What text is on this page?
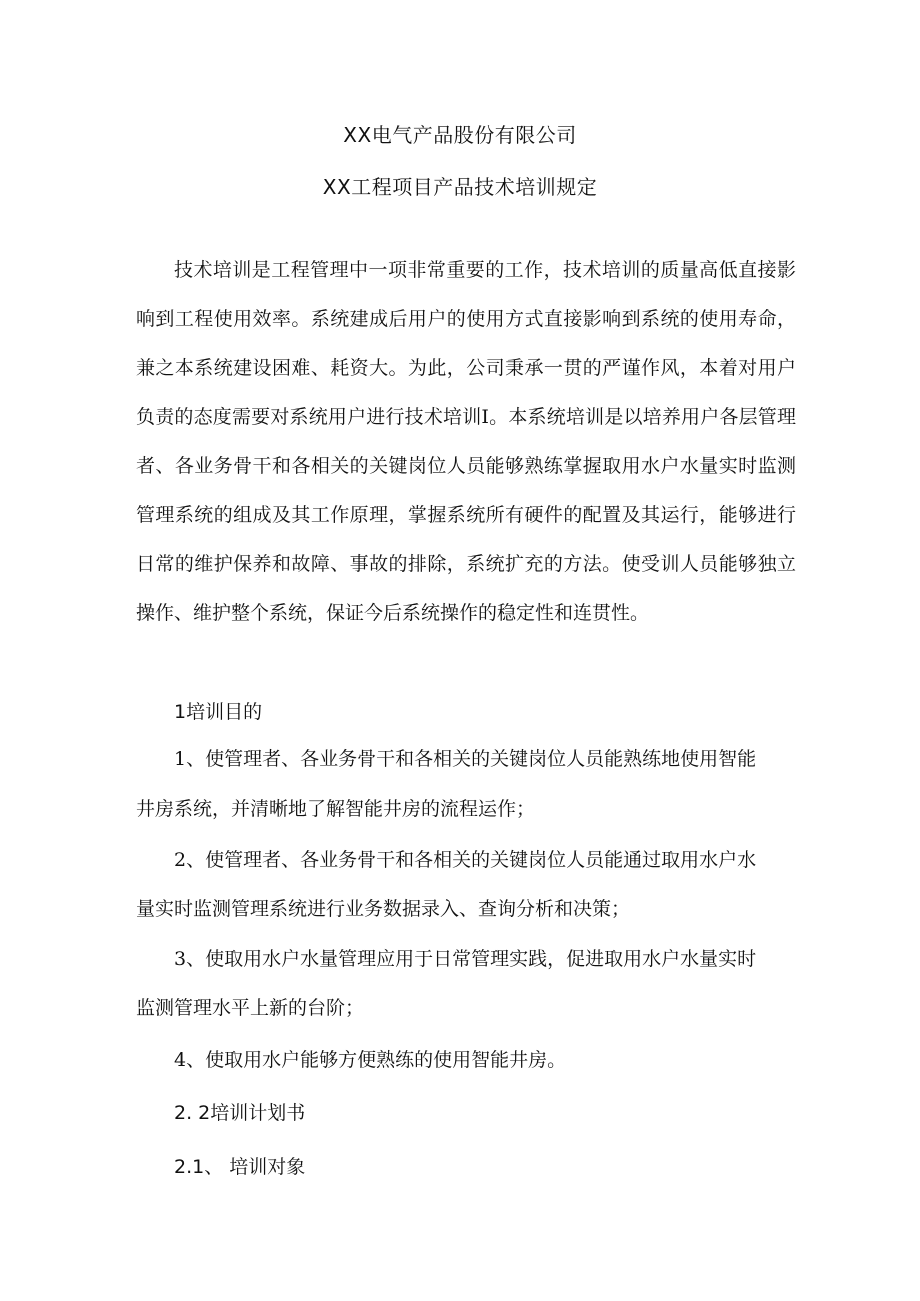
XX电气产品股份有限公司
XX工程项目产品技术培训规定

技术培训是工程管理中一项非常重要的工作，技术培训的质量高低直接影响到工程使用效率。系统建成后用户的使用方式直接影响到系统的使用寿命，兼之本系统建设困难、耗资大。为此，公司秉承一贯的严谨作风，本着对用户负责的态度需要对系统用户进行技术培训I。本系统培训是以培养用户各层管理者、各业务骨干和各相关的关键岗位人员能够熟练掌握取用水户水量实时监测管理系统的组成及其工作原理，掌握系统所有硬件的配置及其运行，能够进行日常的维护保养和故障、事故的排除，系统扩充的方法。使受训人员能够独立操作、维护整个系统，保证今后系统操作的稳定性和连贯性。

1培训目的
1、使管理者、各业务骨干和各相关的关键岗位人员能熟练地使用智能
井房系统，并清晰地了解智能井房的流程运作；
2、使管理者、各业务骨干和各相关的关键岗位人员能通过取用水户水
量实时监测管理系统进行业务数据录入、查询分析和决策；
3、使取用水户水量管理应用于日常管理实践，促进取用水户水量实时
监测管理水平上新的台阶；
4、使取用水户能够方便熟练的使用智能井房。
2. 2培训计划书
2.1、 培训对象
